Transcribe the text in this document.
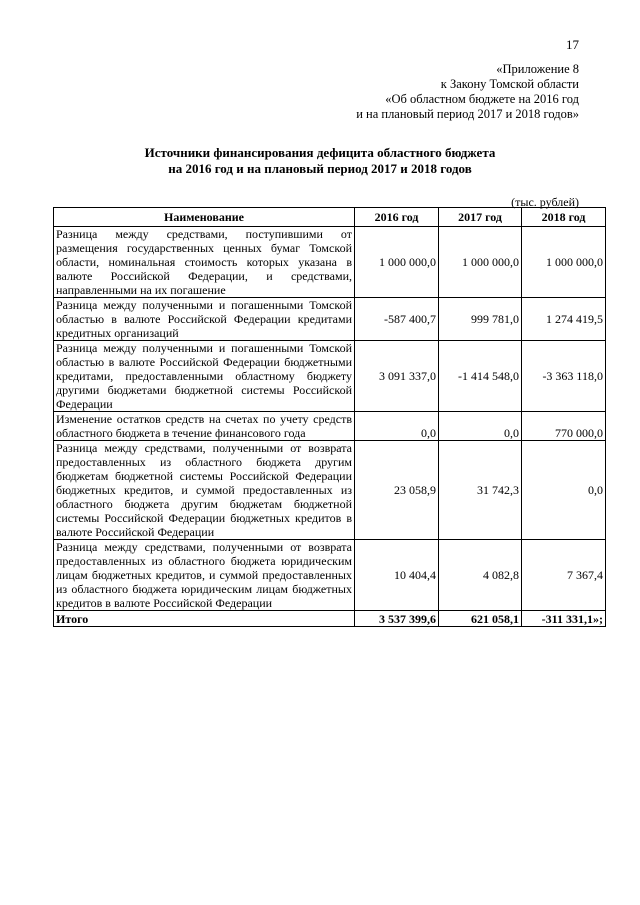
17
«Приложение 8
к Закону Томской области
«Об областном бюджете на 2016 год
и на плановый период 2017 и 2018 годов»
Источники финансирования дефицита областного бюджета
на 2016 год и на плановый период 2017 и 2018 годов
(тыс. рублей)
Наименование	2016 год	2017 год	2018 год
Разница между средствами, поступившими от размещения государственных ценных бумаг Томской области, номинальная стоимость которых указана в валюте Российской Федерации, и средствами, направленными на их погашение	1 000 000,0	1 000 000,0	1 000 000,0
Разница между полученными и погашенными Томской областью в валюте Российской Федерации кредитами кредитных организаций	-587 400,7	999 781,0	1 274 419,5
Разница между полученными и погашенными Томской областью в валюте Российской Федерации бюджетными кредитами, предоставленными областному бюджету другими бюджетами бюджетной системы Российской Федерации	3 091 337,0	-1 414 548,0	-3 363 118,0
Изменение остатков средств на счетах по учету средств областного бюджета в течение финансового года	0,0	0,0	770 000,0
Разница между средствами, полученными от возврата предоставленных из областного бюджета другим бюджетам бюджетной системы Российской Федерации бюджетных кредитов, и суммой предоставленных из областного бюджета другим бюджетам бюджетной системы Российской Федерации бюджетных кредитов в валюте Российской Федерации	23 058,9	31 742,3	0,0
Разница между средствами, полученными от возврата предоставленных из областного бюджета юридическим лицам бюджетных кредитов, и суммой предоставленных из областного бюджета юридическим лицам бюджетных кредитов в валюте Российской Федерации	10 404,4	4 082,8	7 367,4
Итого	3 537 399,6	621 058,1	-311 331,1»;
